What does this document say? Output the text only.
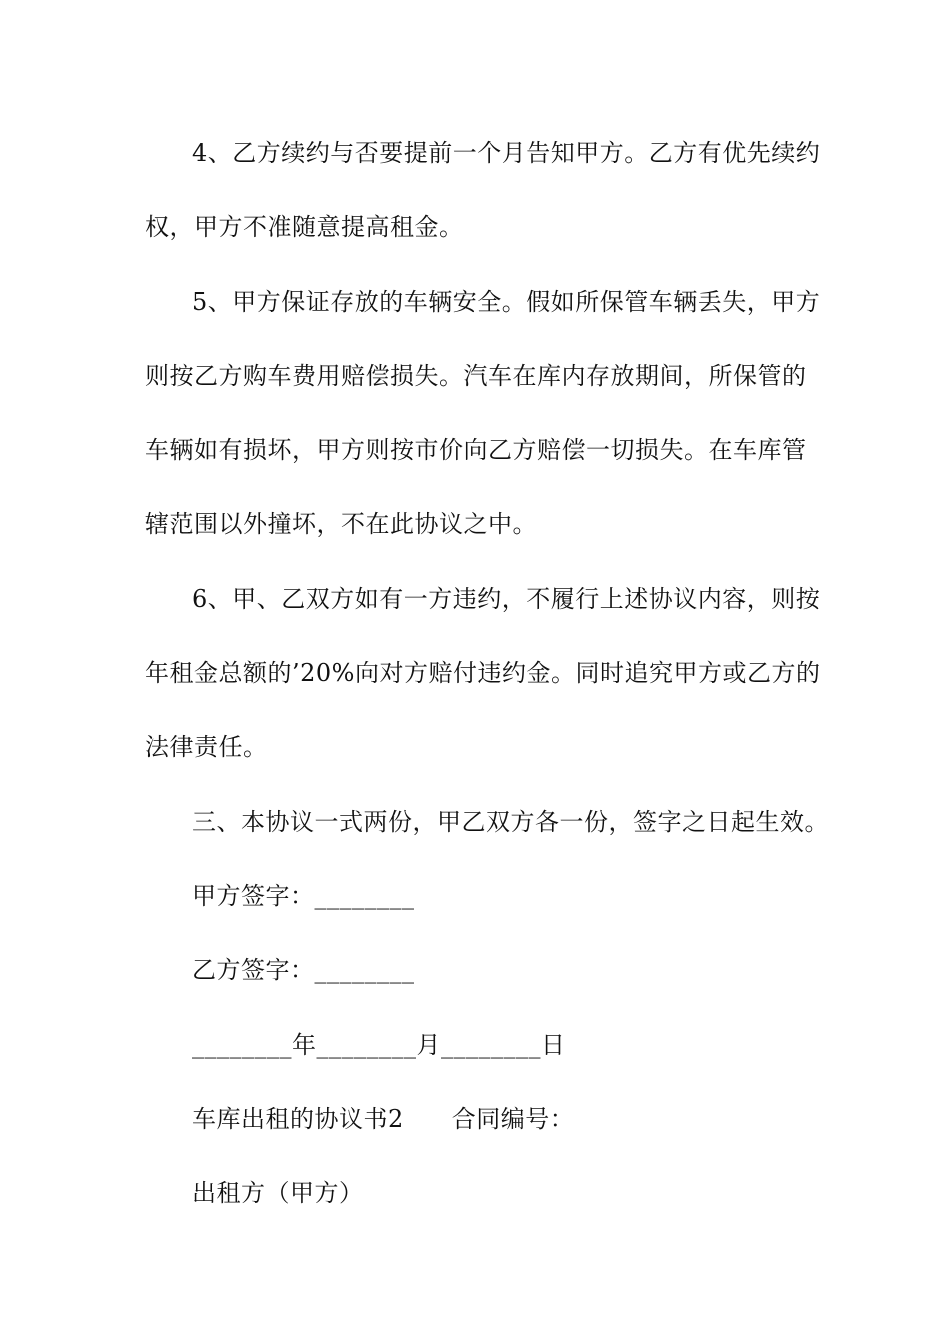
4、乙方续约与否要提前一个月告知甲方。乙方有优先续约
权，甲方不准随意提高租金。
5、甲方保证存放的车辆安全。假如所保管车辆丢失，甲方
则按乙方购车费用赔偿损失。汽车在库内存放期间，所保管的
车辆如有损坏，甲方则按市价向乙方赔偿一切损失。在车库管
辖范围以外撞坏，不在此协议之中。
6、甲、乙双方如有一方违约，不履行上述协议内容，则按
年租金总额的’20%向对方赔付违约金。同时追究甲方或乙方的
法律责任。
三、本协议一式两份，甲乙双方各一份，签字之日起生效。
甲方签字：________
乙方签字：________
________年________月________日
车库出租的协议书2 合同编号：
出租方（甲方）
